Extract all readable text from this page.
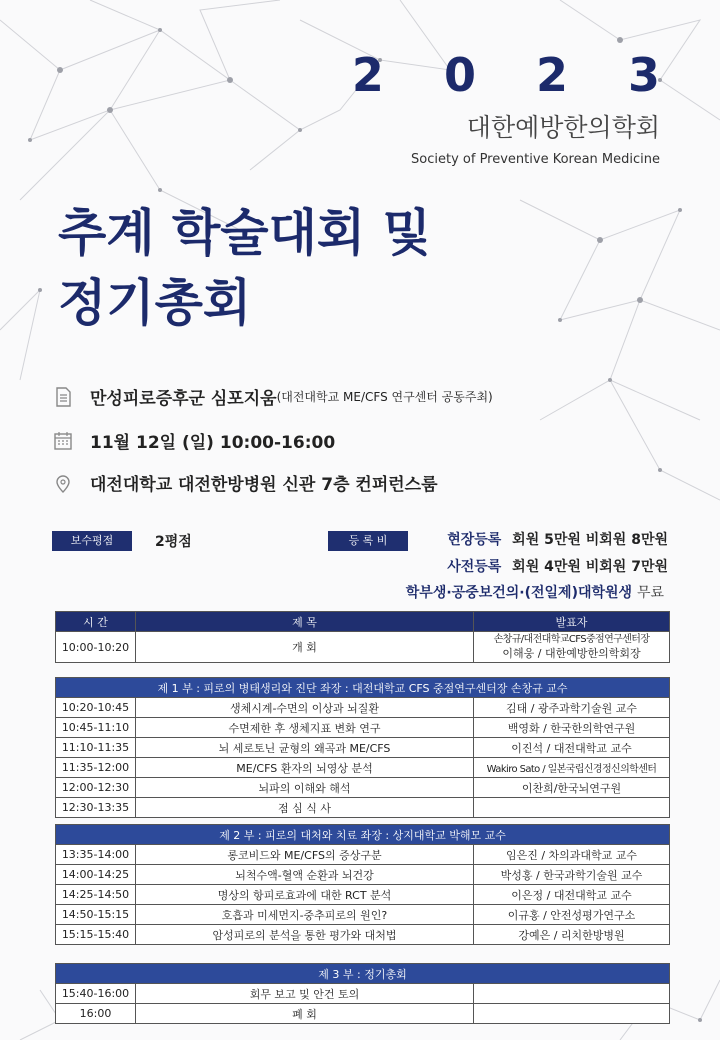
2 0 2 3
대한예방한의학회
Society of Preventive Korean Medicine
추계 학술대회 및
정기총회
만성피로증후군 심포지움 (대전대학교 ME/CFS 연구센터 공동주최)
11월 12일 (일) 10:00-16:00
대전대학교 대전한방병원 신관 7층 컨퍼런스룸
보수평점	2평점	등 록 비	현장등록 회원 5만원 비회원 8만원
사전등록 회원 4만원 비회원 7만원
학부생·공중보건의·(전일제)대학원생 무료
시 간	제 목	발표자
10:00-10:20	개 회	손창규/대전대학교CFS중점연구센터장
이해웅 / 대한예방한의학회장
제 1 부 : 피로의 병태생리와 진단 좌장 : 대전대학교 CFS 중점연구센터장 손창규 교수		
10:20-10:45	생체시계-수면의 이상과 뇌질환	김태 / 광주과학기술원 교수
10:45-11:10	수면제한 후 생체지표 변화 연구	백영화 / 한국한의학연구원
11:10-11:35	뇌 세로토닌 균형의 왜곡과 ME/CFS	이진석 / 대전대학교 교수
11:35-12:00	ME/CFS 환자의 뇌영상 분석	Wakiro Sato / 일본국립신경정신의학센터
12:00-12:30	뇌파의 이해와 해석	이찬희/한국뇌연구원
12:30-13:35	점 심 식 사	
제 2 부 : 피로의 대처와 치료 좌장 : 상지대학교 박해모 교수		
13:35-14:00	롱코비드와 ME/CFS의 증상구분	임은진 / 차의과대학교 교수
14:00-14:25	뇌척수액-혈액 순환과 뇌건강	박성홍 / 한국과학기술원 교수
14:25-14:50	명상의 항피로효과에 대한 RCT 분석	이은정 / 대전대학교 교수
14:50-15:15	호흡과 미세먼지-중추피로의 원인?	이규홍 / 안전성평가연구소
15:15-15:40	암성피로의 분석을 통한 평가와 대처법	강예은 / 리치한방병원
제 3 부 : 정기총회		
15:40-16:00	회무 보고 및 안건 토의	
16:00	폐 회	
